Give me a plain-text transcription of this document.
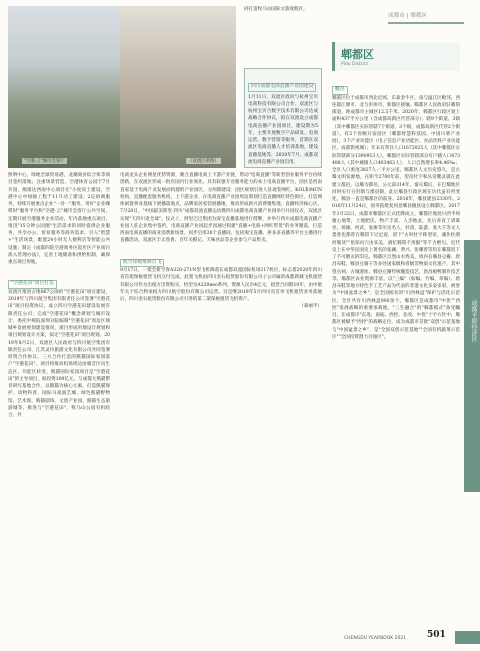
成都市 | 郫都区
"空港·云"城市会客厅	（双流区供图）

同打造牧马山国际文旅度假区。

四川成都电商直播产业园建设

1月11日，双流区政府与杭州宝贝电商科技有限公司合作，双流区与杭州宝贝合数字技术有限公司达成战略合作协议，拟在双流设立成都电商直播产业园项目，建设期为5年，主要开展数字产品研发、电商运营、数字营销等服务，首期在双流区电商直播人才培训基地，建设直播基地等，2020年7月，成都双流电商直播产业园启用。

照明中心，绿地全球贸易港，龙潮商业综合体等项目签约落地；注重场景营造，空港体育公园于7月开园，澳康达西南中心项目在"小度说土建设，空港中心中绿轴工程于11月动工建设；2定协调服务，持续开展重点企业"一对一"服务，用好"企业咖啡时"服务平台和"空港·云"城市会客厅公共空间，定期开展空港服务企业活动，年内落地重点项目，推进"15分钟公园圈"生活需求的同时提供企业服务，共享办公，贸易服务等商务需求，引入"智慧+"生活场景，配置24小时无人便利店等智能公共设施；制定《成都四院空港商务区起步区产业项目准入管理办法》，完善土地储备和供给机制，确保重点项目用地。

"空港花田"项目打造

双流区推进占地867公顷的"空港花田"项目建设，2019年与四川航空集团有限责任公司签署"空港花田"项目投资协议，成立四川空港花田建设发展有限责任公司；完成"空港花田"概念规划与城市设计，委托中规院深圳分院编制"空港花田"周边区域城乡发展规划建设情况，项目形成用地设计规划和项目规划设计方案，拟定"空港花田"项目规划。2019年8月2日，双流区人民政府与四川航空集团有限责任公司、江苏灵玲旅游文化有限公司共同签署投资合作协议，三方合作打造的熊猫国际家园落户"空港花田"，项目将推动机场周边由噪音区向生态区、功能区转变。熊猫国际家园项目是"空港花田"的主导项目，拟投资100亿元，与成都大熊猫繁育研究基地合作，以熊猫为核心元素，打造熊猫保护、动物科普、国际马戏演艺城、绿色熊猫野物馆、艺术现、熊猫剧场、文创产业园、熊猫生态旅游城等，推进与"空港花田"，牧马山公园有机结合，共

电商龙头企业网星优势资源，聚合直播电商上下游产业链，带动"电商直播"等新型创业服务平台持续创新，在双流区形成一批有国内行业领先、具有较强专业服务能力的本土电商直播平台。园区是西南直家基于电商产业发展而构建的产业园区，分两期建设：园区规划引进人驻观鉴网红、KOL和MCN机构，直播配套服务机构，上下游企业，在电商直播产业园周边策划打造直播网红特色街区，打造网体闲置事业基线下展播落地点，品牌家居家装展播地，推动形成新兴消费聚集地，直播经济核心区。7月20日，"中国最美郎堂·四川"成都双流直播运动暨四川成都电商直播产业园举行开园仪式，双流区实现"天四川麦全球"。仪式上，阿里巴巴集团为深宝直播基地进行授牌，并举行四川成都电商直播产业园人驻企业集中签约，电商直播产业园起步园通过构建"直播+电商+网红带货"的业务聚落，打造西南电商直播的商业消费新场景，同步启用20个直播间，包括淘宝直播、拼多多直播等平台主播进行直播活动，双流区丰太苍香、百年关帽记、天味食品等企业参与产品售卖。

航空保税维修首飞

9月17日，一架全新空客A320-271N型飞机降落在成都双流国际机场217机位，标志着2020年四川省首架保税租赁飞机交付完成。此架飞机由四川金石租赁股份有限公司子公司属的成都新城飞机租赁有限公司作为出租方出资购买，机型为A320neo系列，资源人民币4亿元，租赁合同期10年，由中航年关于综合利承租方四川航空股份有限公司运营。这是继2019年5月四川省首单飞机租赁业务落地后，四川金石租赁股份有限公司引进的第二架保税租赁飞机资产。

（葛丽平）

郫都区
Pidu District

概况

郫都区位于成都市西北近郊，东靠金牛区，南与温江区毗邻，西连都江堰市，北与彭州市、新都区接壤。郫都区人民政府驻郫筒街道，距成都市主城区12.5千米。2020年，郫都区行政区划上面积437平方公里（含成都高新区代管部分）；辖9个街道、3镇（其中郫都区实际管辖7个街道、3个镇，成都高新区代管2个街道），有2个省级开发园区（郫都智慧科技园、中国川菜产业园），3个产业功能区（电子信息产业功能区、食品饮料产业功能区、成都影视城）；年末有常住人口1672025人（其中郫都区实际管辖部分1390913人）。郫都区实际管辖部分有户籍人口673488人（其中城镇人口403463人），人口自然增长率4.46‰；全区人口密度3827人／平方公里。郫都区人文历史悠久，是古蜀文明发源地，在距今2700年前，望帝杜宇和丛帝鳖灵就在此建立都邑，以郫为都邑。公元前314年，秦灭蜀后，在巴蜀地区同时实行分封制与郡县制，此后郫县行政区域在历代虽有所变化，郫县一直是郫都区的前身。2016年，郫县建县2330年。2016年11月24日，国务院批复同意郫县撤县设立郫都区。2017年1月22日，成都市郫都区正式挂牌成立。郫都区地处川西平坝腹心地带，土地肥沃，物产丰富，人杰地灵，先后养育了诸葛亮、扬雄、何武、张俊等历史名人，杜甫、陆游、张大千等文人墨客也都曾在郫留下过足迹，留下"古时杜宇称望帝，魂作杜鹃何微哉""鱼知丙穴由来美，酒忆郫筒不用酤"等千古绝句。近代史上在中华民国史上著名的张澜、黄兴、张耀曾等均在郫都留下了不可磨灭的印记。郫都区自然山水秀美，境内有郫县豆瓣、唐昌布鞋、郫县豆腐干等多处国家级和省级非物质文化遗产，其中望丛祠、古城遗址、郫县豆瓣传统酿造技艺、唐昌板鸭制作技艺等。郫都区农业资源丰富，以"三编"（棕编、竹编、草编）、唐昌布鞋等地方特色手工艺产品为代表的非遗文化多姿多彩，被誉为"中国盆景之乡"，是全国闻名的"川西林盘"保护与活化示范区，全区共有川西林盘900余个。郫都区是成都市"中优""西控"发展战略的重要承载地，"三生融合"的"郫都模式"备受瞩目，在成都市"东进、南拓、西控、北改、中优"十字方针中，郫都区被赋予"西控"的战略定位，成为成都市首批"双创"示范基地与"中国盆景之乡"，是"全国双创示范基地""全国有机蔬菜示范区""全国投资潜力百强区"。	成都平原经济区
CHENGDU YEARBOOK 2021 501
